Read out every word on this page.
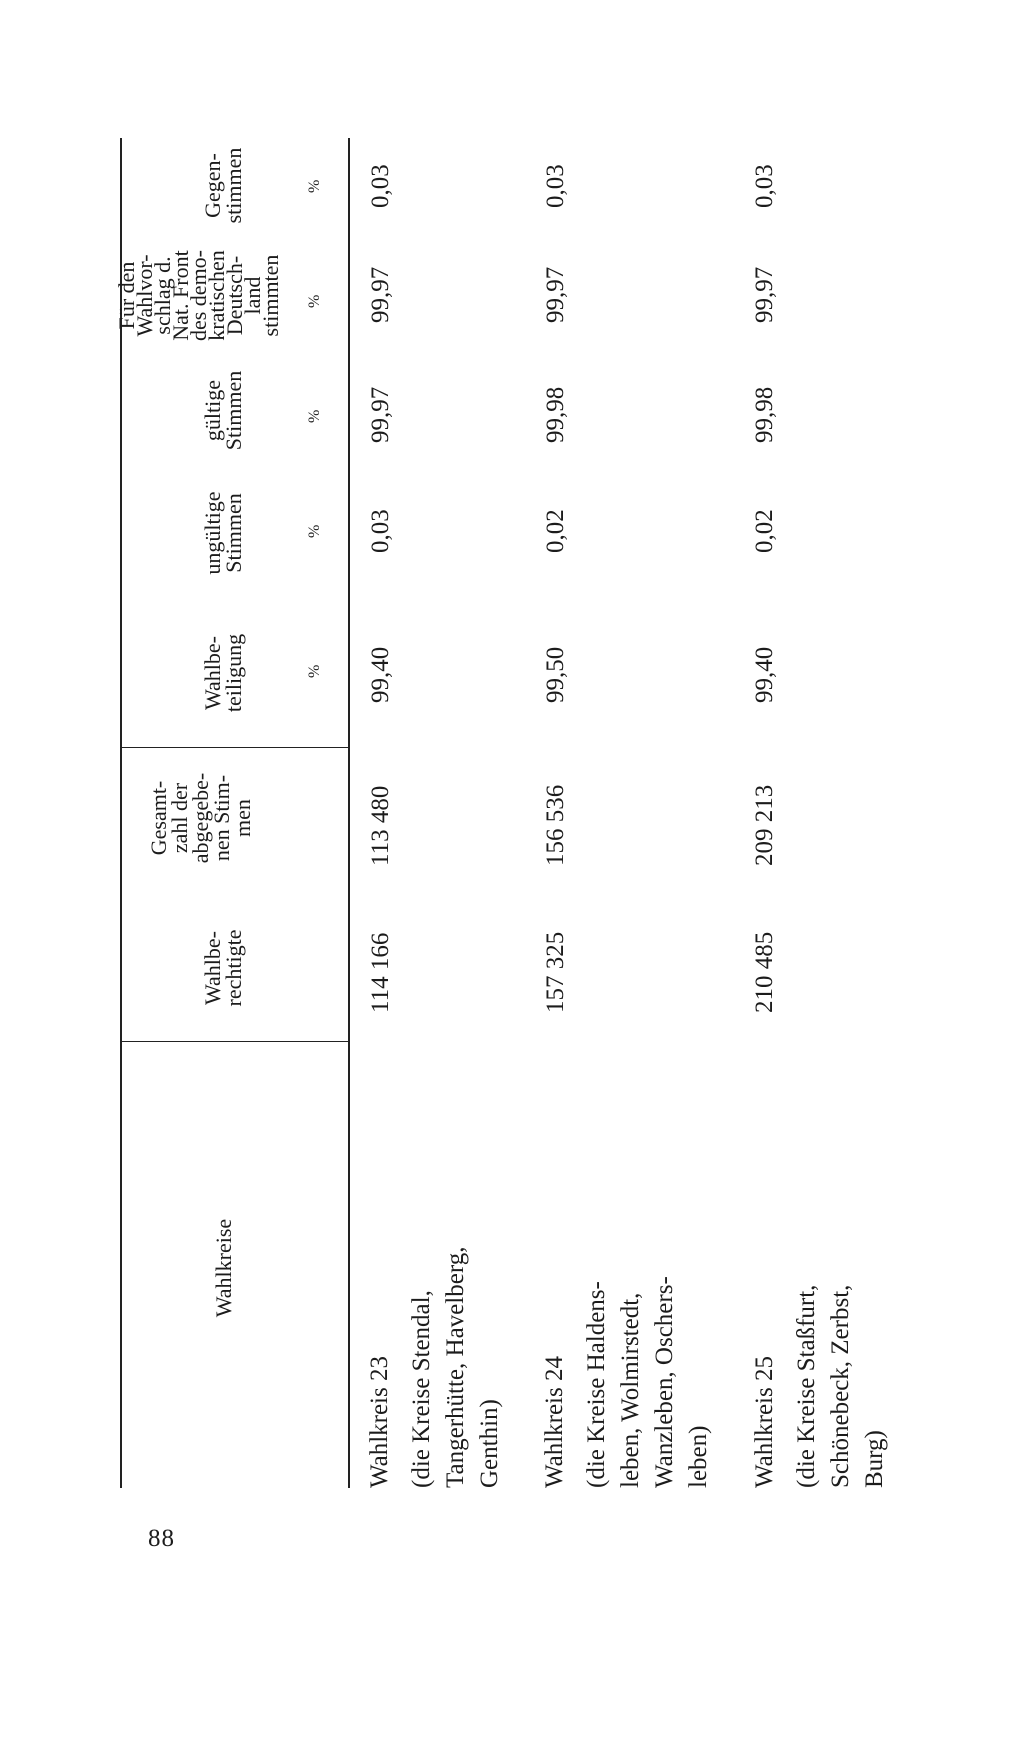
88
Wahlkreise
Wahlbe-
rechtigte
Gesamt-
zahl der
abgegebe-
nen Stim-
men
Wahlbe-
teiligung
ungültige
Stimmen
gültige
Stimmen
Für den
Wahlvor-
schlag d.
Nat. Front
des demo-
kratischen
Deutsch-
land
stimmten
Gegen-
stimmen
%
%
%
%
%
Wahlkreis 23 (die Kreise Stendal,
Tangerhütte, Havelberg,
Genthin)
114 166
113 480
99,40
0,03
99,97
99,97
0,03
Wahlkreis 24 (die Kreise Haldens-
leben, Wolmirstedt,
Wanzleben, Oschers-
leben)
157 325
156 536
99,50
0,02
99,98
99,97
0,03
Wahlkreis 25 (die Kreise Staßfurt,
Schönebeck, Zerbst,
Burg)
210 485
209 213
99,40
0,02
99,98
99,97
0,03
